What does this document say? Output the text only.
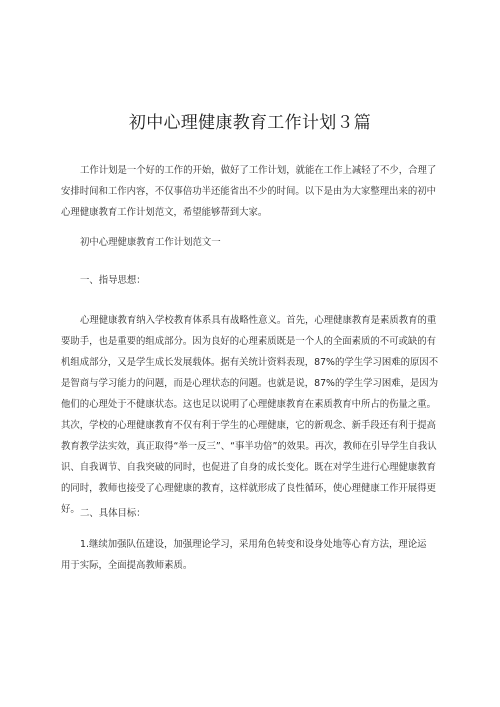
初中心理健康教育工作计划３篇

工作计划是一个好的工作的开始，做好了工作计划，就能在工作上减轻了不少，合理了安排时间和工作内容，不仅事倍功半还能省出不少的时间。以下是由为大家整理出来的初中心理健康教育工作计划范文，希望能够帮到大家。

初中心理健康教育工作计划范文一
一、指导思想：

心理健康教育纳入学校教育体系具有战略性意义。首先，心理健康教育是素质教育的重要助手，也是重要的组成部分。因为良好的心理素质既是一个人的全面素质的不可或缺的有机组成部分，又是学生成长发展载体。据有关统计资料表现，87%的学生学习困难的原因不是智商与学习能力的问题，而是心理状态的问题。也就是说，87%的学生学习困难，是因为他们的心理处于不健康状态。这也足以说明了心理健康教育在素质教育中所占的伤量之重。其次，学校的心理健康教育不仅有利于学生的心理健康，它的新观念、新手段还有利于提高教育教学法实效，真正取得“举一反三”、“事半功倍”的效果。再次，教师在引导学生自我认识、自我调节、自我突破的同时，也促进了自身的成长变化。既在对学生进行心理健康教育的同时，教师也接受了心理健康的教育，这样就形成了良性循环，使心理健康工作开展得更好。 二、具体目标：

1.继续加强队伍建设，加强理论学习，采用角色转变和设身处地等心育方法，理论运

用于实际，全面提高教师素质。
